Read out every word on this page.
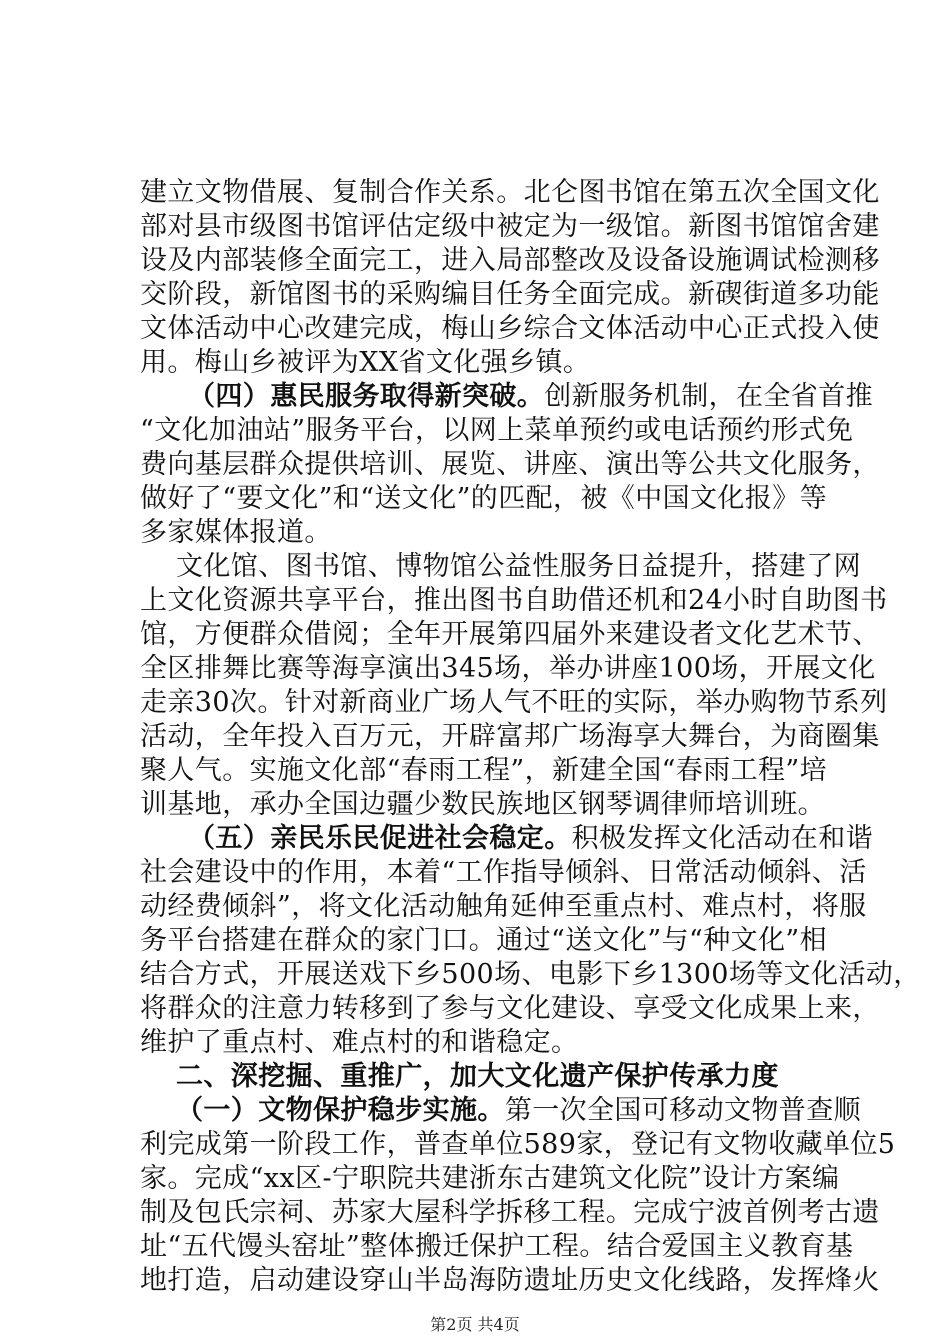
建立文物借展、复制合作关系。北仑图书馆在第五次全国文化
部对县市级图书馆评估定级中被定为一级馆。新图书馆馆舍建
设及内部装修全面完工，进入局部整改及设备设施调试检测移
交阶段，新馆图书的采购编目任务全面完成。新碶街道多功能
文体活动中心改建完成，梅山乡综合文体活动中心正式投入使
用。梅山乡被评为XX省文化强乡镇。
（四）惠民服务取得新突破。创新服务机制，在全省首推
“文化加油站”服务平台，以网上菜单预约或电话预约形式免
费向基层群众提供培训、展览、讲座、演出等公共文化服务，
做好了“要文化”和“送文化”的匹配，被《中国文化报》等
多家媒体报道。
文化馆、图书馆、博物馆公益性服务日益提升，搭建了网
上文化资源共享平台，推出图书自助借还机和24小时自助图书
馆，方便群众借阅；全年开展第四届外来建设者文化艺术节、
全区排舞比赛等海享演出345场，举办讲座100场，开展文化
走亲30次。针对新商业广场人气不旺的实际，举办购物节系列
活动，全年投入百万元，开辟富邦广场海享大舞台，为商圈集
聚人气。实施文化部“春雨工程”，新建全国“春雨工程”培
训基地，承办全国边疆少数民族地区钢琴调律师培训班。
（五）亲民乐民促进社会稳定。积极发挥文化活动在和谐
社会建设中的作用，本着“工作指导倾斜、日常活动倾斜、活
动经费倾斜”，将文化活动触角延伸至重点村、难点村，将服
务平台搭建在群众的家门口。通过“送文化”与“种文化”相
结合方式，开展送戏下乡500场、电影下乡1300场等文化活动，
将群众的注意力转移到了参与文化建设、享受文化成果上来，
维护了重点村、难点村的和谐稳定。
二、深挖掘、重推广，加大文化遗产保护传承力度
（一）文物保护稳步实施。第一次全国可移动文物普查顺
利完成第一阶段工作，普查单位589家，登记有文物收藏单位5
家。完成“xx区-宁职院共建浙东古建筑文化院”设计方案编
制及包氏宗祠、苏家大屋科学拆移工程。完成宁波首例考古遗
址“五代馒头窑址”整体搬迁保护工程。结合爱国主义教育基
地打造，启动建设穿山半岛海防遗址历史文化线路，发挥烽火
第2页 共4页
